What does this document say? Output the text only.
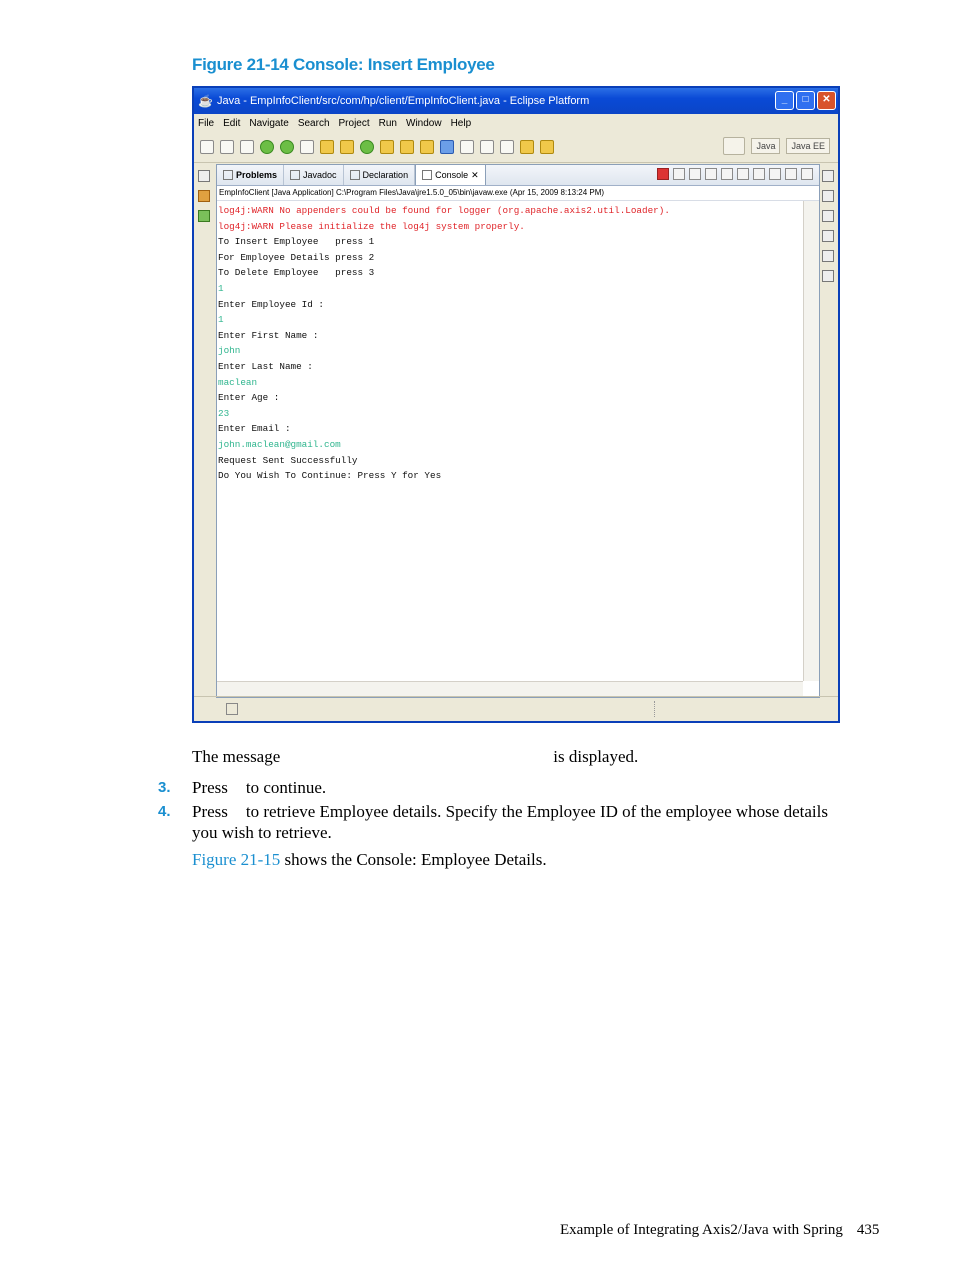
Figure 21-14 Console: Insert Employee
☕ Java - EmpInfoClient/src/com/hp/client/EmpInfoClient.java - Eclipse Platform	_	□	✕
File Edit Navigate Search Project Run Window Help
Java	Java EE
Problems	Javadoc	Declaration	Console ✕
EmpInfoClient [Java Application] C:\Program Files\Java\jre1.5.0_05\bin\javaw.exe (Apr 15, 2009 8:13:24 PM)
log4j:WARN No appenders could be found for logger (org.apache.axis2.util.Loader).
log4j:WARN Please initialize the log4j system properly.
To Insert Employee   press 1
For Employee Details press 2
To Delete Employee   press 3
1
Enter Employee Id :
1
Enter First Name :
john
Enter Last Name :
maclean
Enter Age :
23
Enter Email :
john.maclean@gmail.com
Request Sent Successfully
Do You Wish To Continue: Press Y for Yes
The message	is displayed.
3. Press to continue.
4. Press to retrieve Employee details. Specify the Employee ID of the employee whose details
you wish to retrieve.
Figure 21-15 shows the Console: Employee Details.
Example of Integrating Axis2/Java with Spring 435
